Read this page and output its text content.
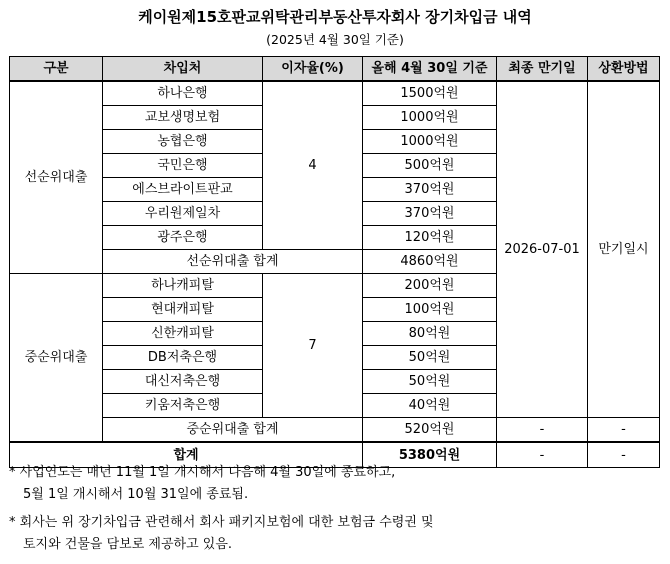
케이원제15호판교위탁관리부동산투자회사 장기차입금 내역
(2025년 4월 30일 기준)
구분	차입처	이자율(%)	올해 4월 30일 기준	최종 만기일	상환방법
선순위대출	하나은행	4	1500억원	2026-07-01	만기일시
	교보생명보험		1000억원		
	농협은행		1000억원		
	국민은행		500억원		
	에스브라이트판교		370억원		
	우리원제일차		370억원		
	광주은행		120억원		
	선순위대출 합계		4860억원		
중순위대출	하나캐피탈	7	200억원		
	현대캐피탈		100억원		
	신한캐피탈		80억원		
	DB저축은행		50억원		
	대신저축은행		50억원		
	키움저축은행		40억원		
	중순위대출 합계		520억원	-	-
합계			5380억원	-	-
* 사업연도는 매년 11월 1일 개시해서 다음해 4월 30일에 종료하고,
5월 1일 개시해서 10월 31일에 종료됨.
* 회사는 위 장기차입금 관련해서 회사 패키지보험에 대한 보험금 수령권 및
토지와 건물을 담보로 제공하고 있음.
